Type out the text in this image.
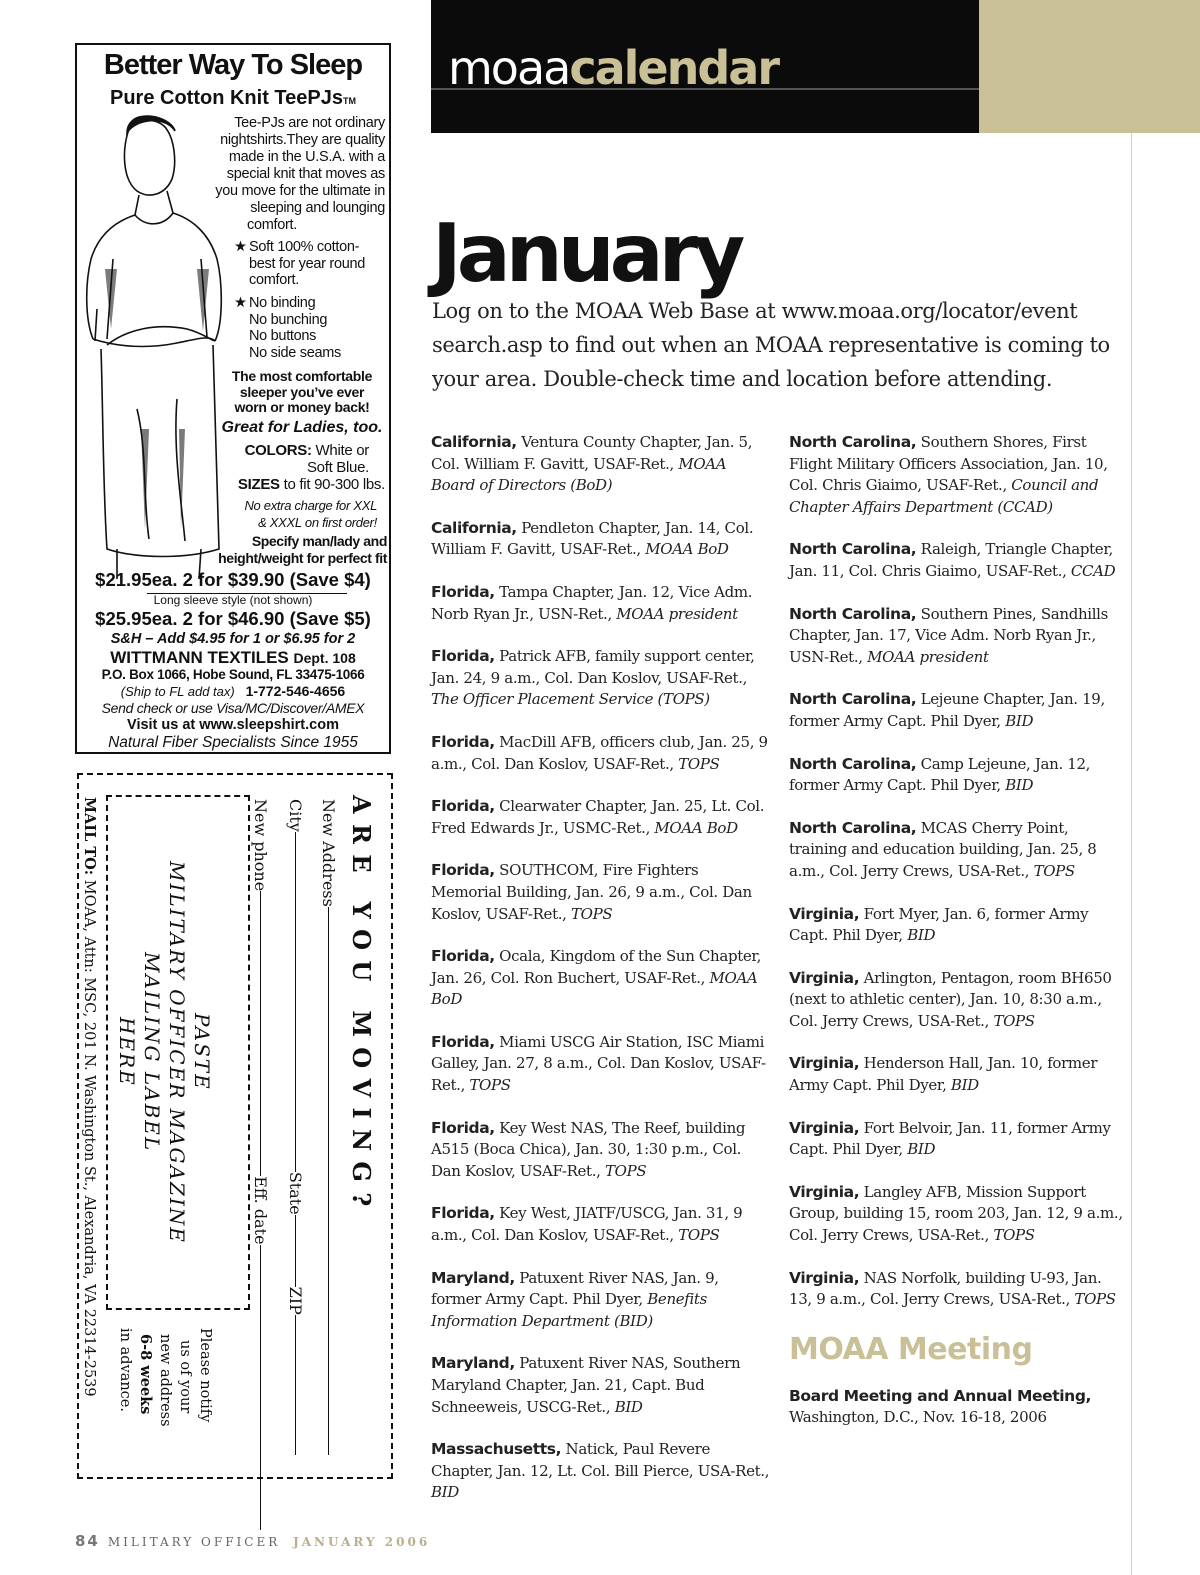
Better Way To Sleep
Pure Cotton Knit TeePJsTM

Tee-PJs are not ordinary

nightshirts.They are quality

made in the U.S.A. with a

special knit that moves as

you move for the ultimate in

sleeping and lounging

comfort.

★ Soft 100% cotton-
best for year round
comfort.
★ No binding
No bunching
No buttons
No side seams
The most comfortable
sleeper you’ve ever
worn or money back!
Great for Ladies, too.
COLORS: White or
Soft Blue.
SIZES to fit 90-300 lbs.
No extra charge for XXL
& XXXL on first order!
Specify man/lady and
height/weight for perfect fit
$21.95ea. 2 for $39.90 (Save $4)
Long sleeve style (not shown)
$25.95ea. 2 for $46.90 (Save $5)
S&H – Add $4.95 for 1 or $6.95 for 2
WITTMANN TEXTILES Dept. 108
P.O. Box 1066, Hobe Sound, FL 33475-1066
(Ship to FL add tax) 1-772-546-4656
Send check or use Visa/MC/Discover/AMEX
Visit us at www.sleepshirt.com
Natural Fiber Specialists Since 1955
A R E   Y O U   M O V I N G ?
New Address
CityStateZIP
New phoneEff. date
PASTE
MILITARY OFFICER MAGAZINE
MAILING LABEL
HERE
Please notify
us of your
new address
6-8 weeks
in advance.
MAIL TO: MOAA, Attn: MSC, 201 N. Washington St., Alexandria, VA 22314-2539
moaacalendar
January
Log on to the MOAA Web Base at www.moaa.org/locator/event search.asp to find out when an MOAA representative is coming to your area. Double-check time and location before attending.
California, Ventura County Chapter, Jan. 5, Col. William F. Gavitt, USAF-Ret., MOAA Board of Directors (BoD)
California, Pendleton Chapter, Jan. 14, Col. William F. Gavitt, USAF-Ret., MOAA BoD
Florida, Tampa Chapter, Jan. 12, Vice Adm. Norb Ryan Jr., USN-Ret., MOAA president
Florida, Patrick AFB, family support center, Jan. 24, 9 a.m., Col. Dan Koslov, USAF-Ret., The Officer Placement Service (TOPS)
Florida, MacDill AFB, officers club, Jan. 25, 9 a.m., Col. Dan Koslov, USAF-Ret., TOPS
Florida, Clearwater Chapter, Jan. 25, Lt. Col. Fred Edwards Jr., USMC-Ret., MOAA BoD
Florida, SOUTHCOM, Fire Fighters Memorial Building, Jan. 26, 9 a.m., Col. Dan Koslov, USAF-Ret., TOPS
Florida, Ocala, Kingdom of the Sun Chapter, Jan. 26, Col. Ron Buchert, USAF-Ret., MOAA BoD
Florida, Miami USCG Air Station, ISC Miami Galley, Jan. 27, 8 a.m., Col. Dan Koslov, USAF-Ret., TOPS
Florida, Key West NAS, The Reef, building A515 (Boca Chica), Jan. 30, 1:30 p.m., Col. Dan Koslov, USAF-Ret., TOPS
Florida, Key West, JIATF/USCG, Jan. 31, 9 a.m., Col. Dan Koslov, USAF-Ret., TOPS
Maryland, Patuxent River NAS, Jan. 9, former Army Capt. Phil Dyer, Benefits Information Department (BID)
Maryland, Patuxent River NAS, Southern Maryland Chapter, Jan. 21, Capt. Bud Schneeweis, USCG-Ret., BID
Massachusetts, Natick, Paul Revere Chapter, Jan. 12, Lt. Col. Bill Pierce, USA-Ret., BID
North Carolina, Southern Shores, First Flight Military Officers Association, Jan. 10, Col. Chris Giaimo, USAF-Ret., Council and Chapter Affairs Department (CCAD)
North Carolina, Raleigh, Triangle Chapter, Jan. 11, Col. Chris Giaimo, USAF-Ret., CCAD
North Carolina, Southern Pines, Sandhills Chapter, Jan. 17, Vice Adm. Norb Ryan Jr., USN-Ret., MOAA president
North Carolina, Lejeune Chapter, Jan. 19, former Army Capt. Phil Dyer, BID
North Carolina, Camp Lejeune, Jan. 12, former Army Capt. Phil Dyer, BID
North Carolina, MCAS Cherry Point, training and education building, Jan. 25, 8 a.m., Col. Jerry Crews, USA-Ret., TOPS
Virginia, Fort Myer, Jan. 6, former Army Capt. Phil Dyer, BID
Virginia, Arlington, Pentagon, room BH650 (next to athletic center), Jan. 10, 8:30 a.m., Col. Jerry Crews, USA-Ret., TOPS
Virginia, Henderson Hall, Jan. 10, former Army Capt. Phil Dyer, BID
Virginia, Fort Belvoir, Jan. 11, former Army Capt. Phil Dyer, BID
Virginia, Langley AFB, Mission Support Group, building 15, room 203, Jan. 12, 9 a.m., Col. Jerry Crews, USA-Ret., TOPS
Virginia, NAS Norfolk, building U-93, Jan. 13, 9 a.m., Col. Jerry Crews, USA-Ret., TOPS
MOAA Meeting
Board Meeting and Annual Meeting,
Washington, D.C., Nov. 16-18, 2006
84 MILITARY OFFICER JANUARY 2006
